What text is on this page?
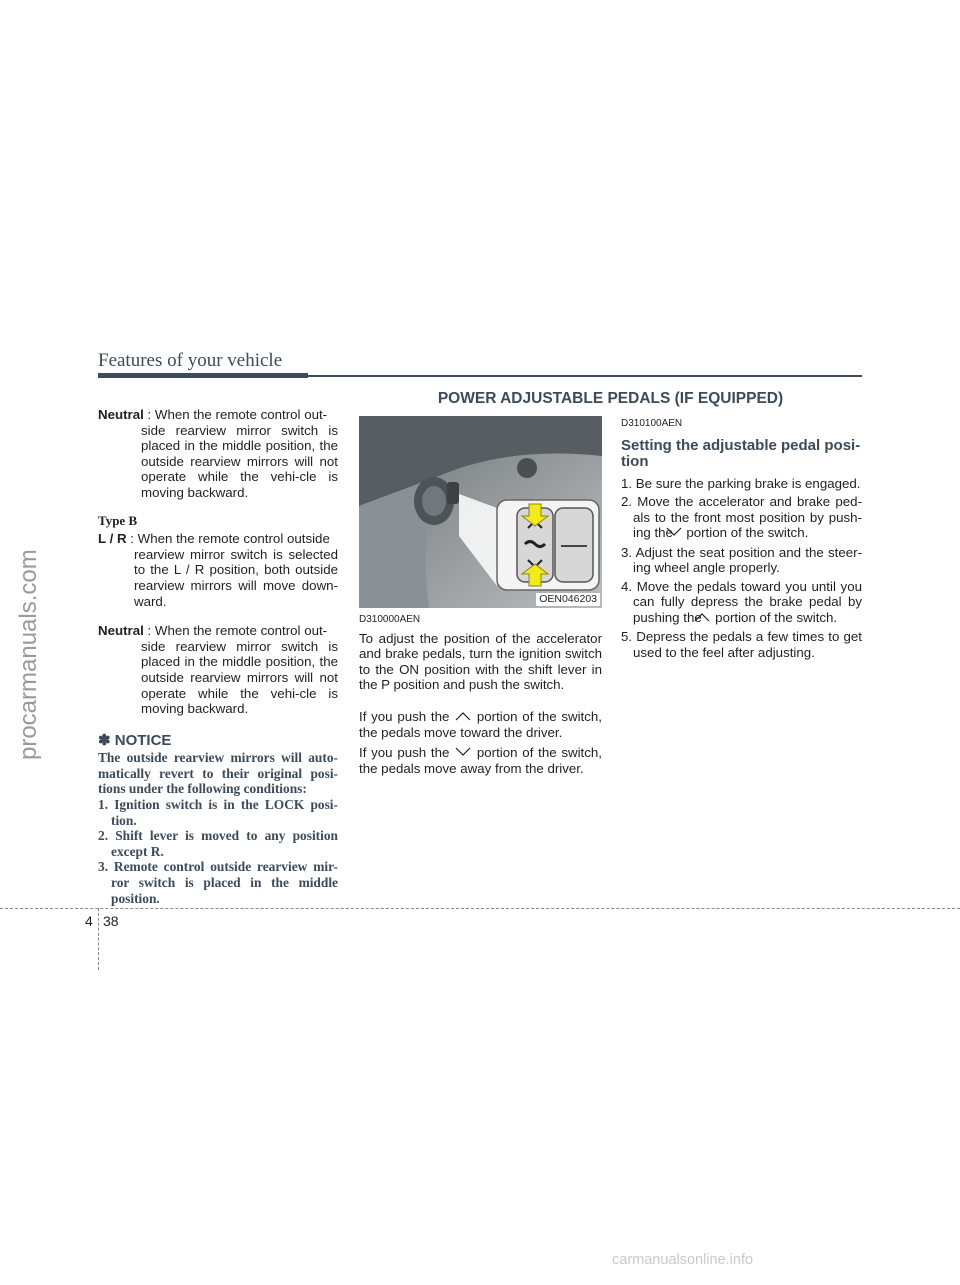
Features of your vehicle
POWER ADJUSTABLE PEDALS (IF EQUIPPED)
Neutral : When the remote control out-
side rearview mirror switch is placed in the middle position, the outside rearview mirrors will not operate while the vehi-cle is moving backward.
Type B
L / R : When the remote control outside
rearview mirror switch is selected to the L / R position, both outside rearview mirrors will move down-ward.
Neutral : When the remote control out-
side rearview mirror switch is placed in the middle position, the outside rearview mirrors will not operate while the vehi-cle is moving backward.
✽ NOTICE
The outside rearview mirrors will auto-matically revert to their original posi-tions under the following conditions:
1. Ignition switch is in the LOCK posi-tion.
2. Shift lever is moved to any position except R.
3. Remote control outside rearview mir-ror switch is placed in the middle position.
OEN046203
D310000AEN
To adjust the position of the accelerator and brake pedals, turn the ignition switch to the ON position with the shift lever in the P position and push the switch.
If you push the portion of the switch, the pedals move toward the driver.
If you push the portion of the switch, the pedals move away from the driver.
D310100AEN
Setting the adjustable pedal posi-tion
1. Be sure the parking brake is engaged.
2. Move the accelerator and brake ped-als to the front most position by push-ing the portion of the switch.
3. Adjust the seat position and the steer-ing wheel angle properly.
4. Move the pedals toward you until you can fully depress the brake pedal by pushing the portion of the switch.
5. Depress the pedals a few times to get used to the feel after adjusting.
4 38
procarmanuals.com
carmanualsonline.info
